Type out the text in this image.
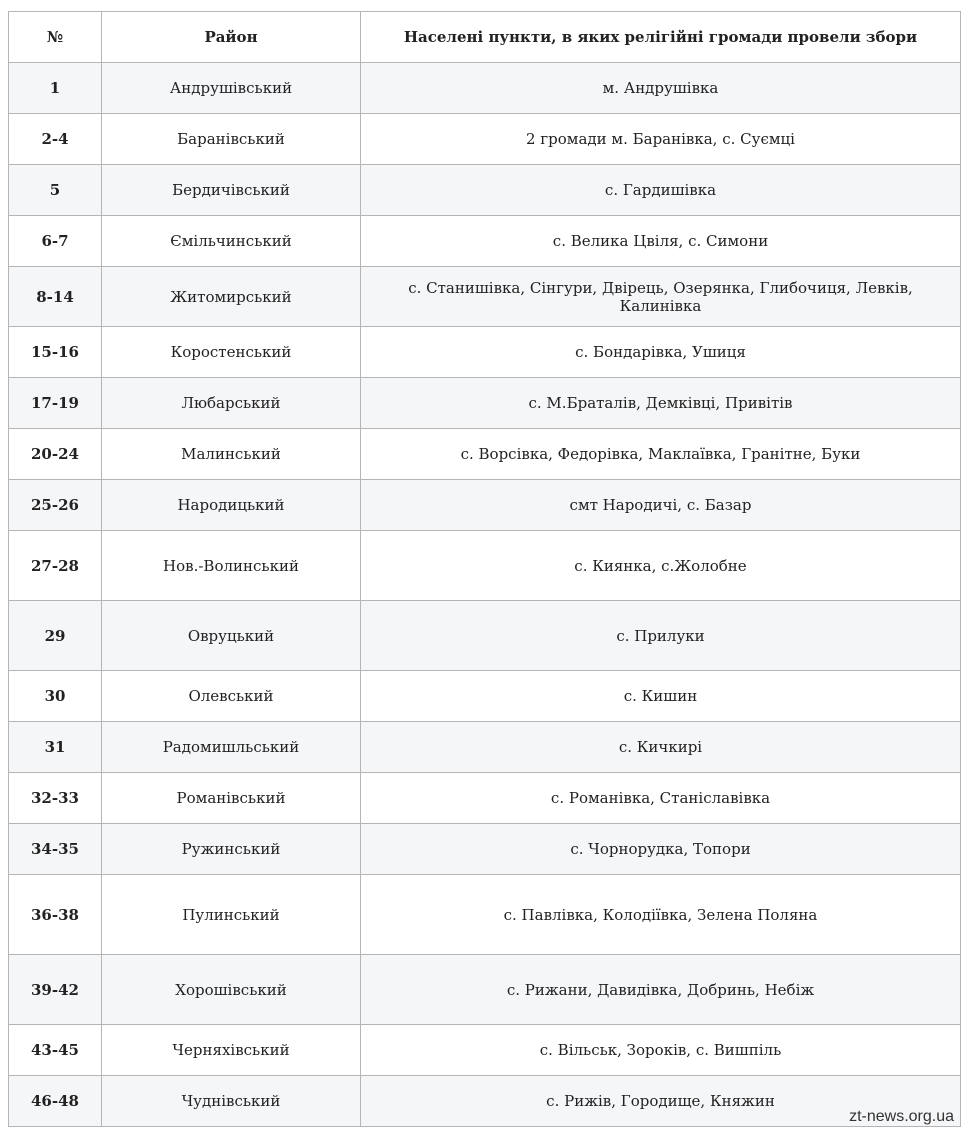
№	Район	Населені пункти, в яких релігійні громади провели збори
1	Андрушівський	м. Андрушівка
2-4	Баранівський	2 громади м. Баранівка, с. Суємці
5	Бердичівський	с. Гардишівка
6-7	Ємільчинський	с. Велика Цвіля, с. Симони
8-14	Житомирський	с. Станишівка, Сінгури, Двірець, Озерянка, Глибочиця, Левків, Калинівка
15-16	Коростенський	с. Бондарівка, Ушиця
17-19	Любарський	с. М.Браталів, Демківці, Привітів
20-24	Малинський	с. Ворсівка, Федорівка, Маклаївка, Гранітне, Буки
25-26	Народицький	смт Народичі, с. Базар
27-28	Нов.-Волинський	с. Киянка, с.Жолобне
29	Овруцький	с. Прилуки
30	Олевський	с. Кишин
31	Радомишльський	с. Кичкирі
32-33	Романівський	с. Романівка, Станіславівка
34-35	Ружинський	с. Чорнорудка, Топори
36-38	Пулинський	с. Павлівка, Колодіївка, Зелена Поляна
39-42	Хорошівський	с. Рижани, Давидівка, Добринь, Небіж
43-45	Черняхівський	с. Вільськ, Зороків, с. Вишпіль
46-48	Чуднівський	с. Рижів, Городище, Княжин
zt-news.org.ua
